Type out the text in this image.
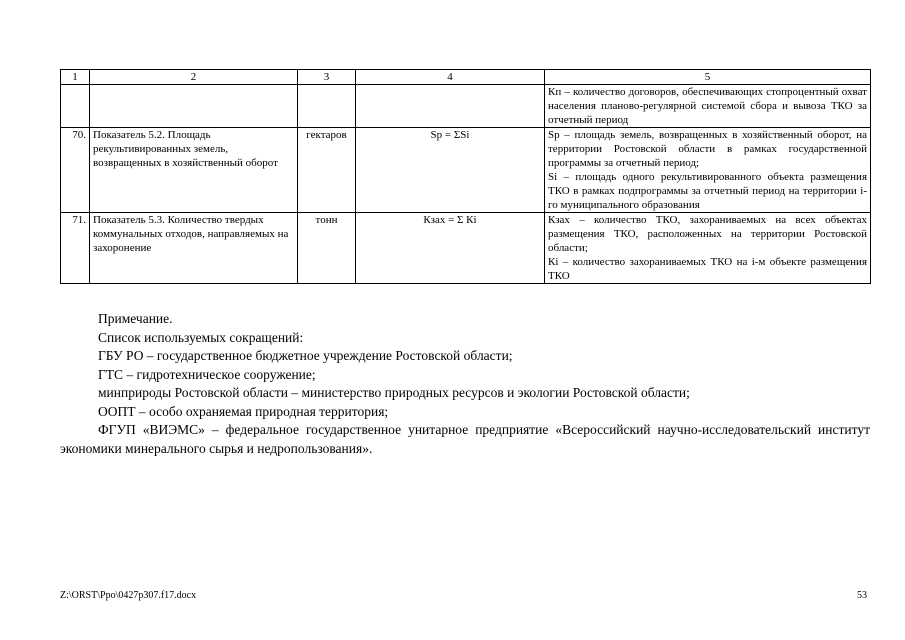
1	2	3	4	5
				Кп – количество договоров, обеспечивающих стопроцентный охват населения планово-регулярной системой сбора и вывоза ТКО за отчетный период
70.	Показатель 5.2. Площадь рекультивированных земель, возвращенных в хозяйственный оборот	гектаров	Sр = ΣSi	Sр – площадь земель, возвращенных в хозяйственный оборот, на территории Ростовской области в рамках государственной программы за отчетный период;
Si – площадь одного рекультивированного объекта размещения ТКО в рамках подпрограммы за отчетный период на территории i-го муниципального образования

71.	Показатель 5.3. Количество твердых коммунальных отходов, направляемых на захоронение	тонн	Кзах = Σ Кi	Кзах – количество ТКО, захораниваемых на всех объектах размещения ТКО, расположенных на территории Ростовской области;
Кi – количество захораниваемых ТКО на i-м объекте размещения ТКО

Примечание.

Список используемых сокращений:

ГБУ РО – государственное бюджетное учреждение Ростовской области;

ГТС – гидротехническое сооружение;

минприроды Ростовской области – министерство природных ресурсов и экологии Ростовской области;

ООПТ – особо охраняемая природная территория;

ФГУП «ВИЭМС» – федеральное государственное унитарное предприятие «Всероссийский научно-исследовательский институт экономики минерального сырья и недропользования».

Z:\ORST\Ppo\0427p307.f17.docx	53
